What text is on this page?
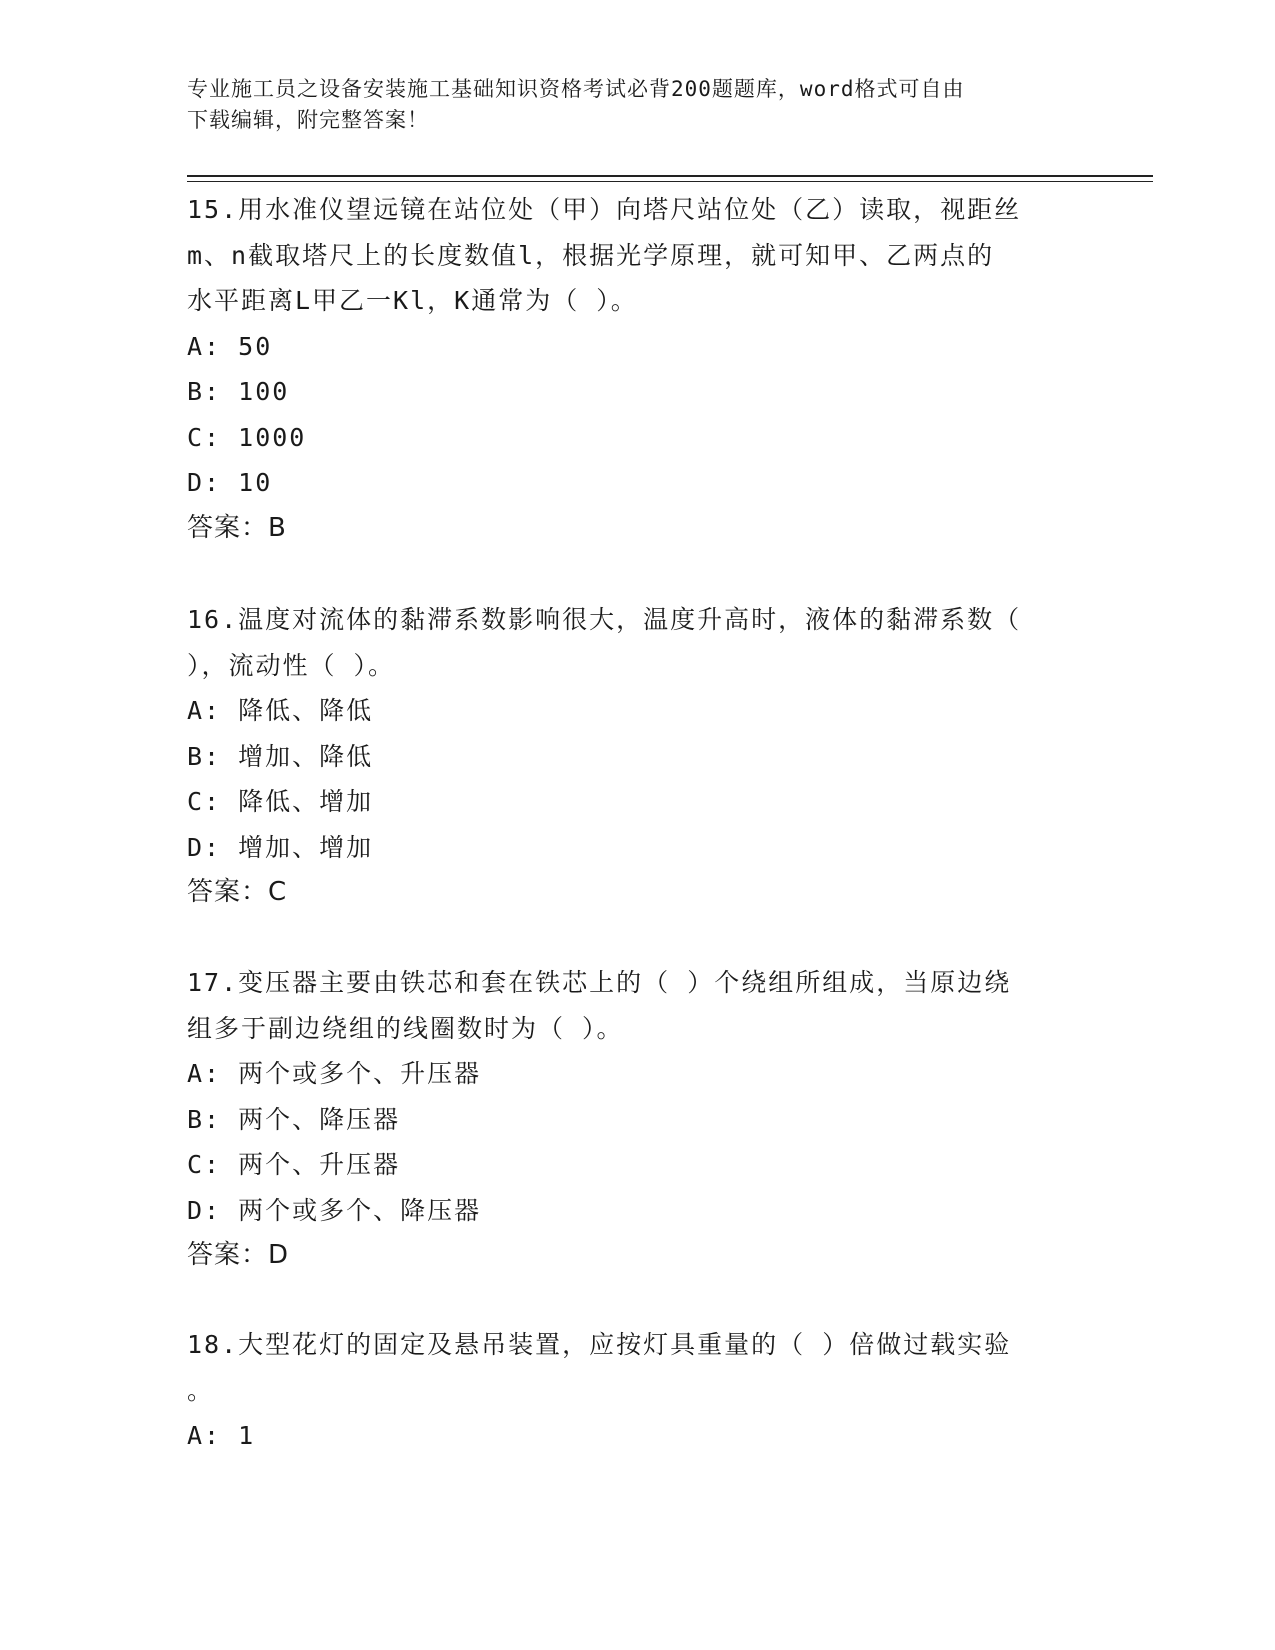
专业施工员之设备安装施工基础知识资格考试必背200题题库，word格式可自由
下载编辑，附完整答案！
15.用水准仪望远镜在站位处（甲）向塔尺站位处（乙）读取，视距丝
m、n截取塔尺上的长度数值l，根据光学原理，就可知甲、乙两点的
水平距离L甲乙一Kl，K通常为（ ）。
A: 50
B: 100
C: 1000
D: 10
答案：B
16.温度对流体的黏滞系数影响很大，温度升高时，液体的黏滞系数（
），流动性（ ）。
A: 降低、降低
B: 增加、降低
C: 降低、增加
D: 增加、增加
答案：C
17.变压器主要由铁芯和套在铁芯上的（ ）个绕组所组成，当原边绕
组多于副边绕组的线圈数时为（ ）。
A: 两个或多个、升压器
B: 两个、降压器
C: 两个、升压器
D: 两个或多个、降压器
答案：D
18.大型花灯的固定及悬吊装置，应按灯具重量的（ ）倍做过载实验
。
A: 1
